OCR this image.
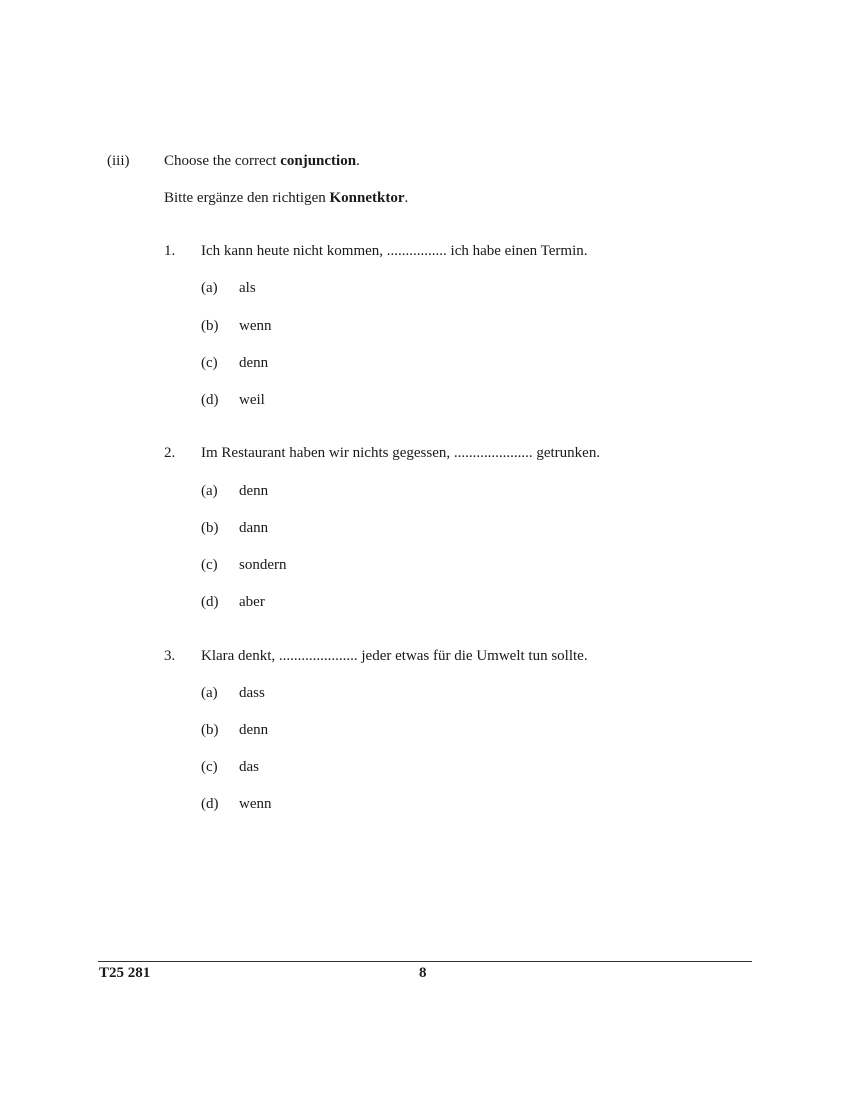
(iii) Choose the correct conjunction.
Bitte ergänze den richtigen Konnetktor.
1. Ich kann heute nicht kommen, ................ ich habe einen Termin.
(a) als
(b) wenn
(c) denn
(d) weil
2. Im Restaurant haben wir nichts gegessen, ..................... getrunken.
(a) denn
(b) dann
(c) sondern
(d) aber
3. Klara denkt, ..................... jeder etwas für die Umwelt tun sollte.
(a) dass
(b) denn
(c) das
(d) wenn
T25 281	8
